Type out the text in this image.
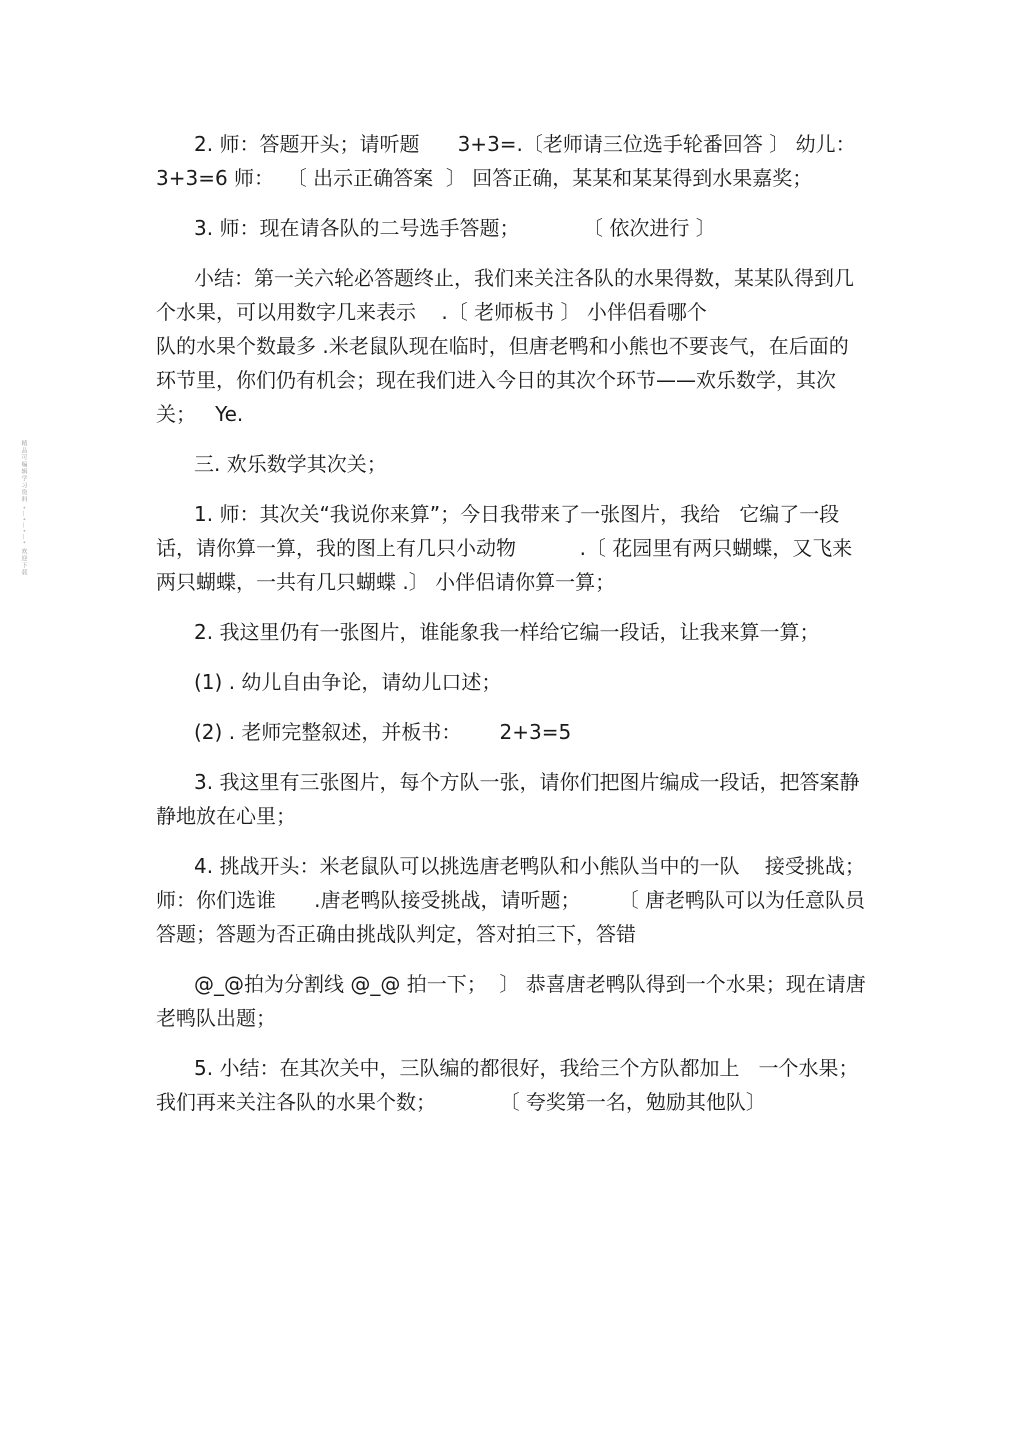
精品可编辑学习资料 •—•—•—• 欢迎下载

2. 师：答题开头；请听题      3+3=.〔老师请三位选手轮番回答 〕 幼儿：  3+3=6 师：  〔 出示正确答案  〕 回答正确，某某和某某得到水果嘉奖；

3. 师：现在请各队的二号选手答题；          〔 依次进行 〕

小结：第一关六轮必答题终止，我们来关注各队的水果得数，某某队得到几个水果，可以用数字几来表示    .〔 老师板书 〕 小伴侣看哪个

队的水果个数最多 .米老鼠队现在临时，但唐老鸭和小熊也不要丧气，在后面的环节里，你们仍有机会；现在我们进入今日的其次个环节——欢乐数学，其次关；   Ye.

三. 欢乐数学其次关；

1. 师：其次关“我说你来算”；今日我带来了一张图片，我给   它编了一段话，请你算一算，我的图上有几只小动物          .〔 花园里有两只蝴蝶，又飞来两只蝴蝶，一共有几只蝴蝶 .〕 小伴侣请你算一算；

2. 我这里仍有一张图片，谁能象我一样给它编一段话，让我来算一算；

(1) . 幼儿自由争论，请幼儿口述；

(2) . 老师完整叙述，并板书：      2+3=5

3. 我这里有三张图片，每个方队一张，请你们把图片编成一段话，把答案静静地放在心里；

4. 挑战开头：米老鼠队可以挑选唐老鸭队和小熊队当中的一队    接受挑战；师：你们选谁      .唐老鸭队接受挑战，请听题；      〔 唐老鸭队可以为任意队员答题；答题为否正确由挑战队判定，答对拍三下，答错

@_@拍为分割线 @_@ 拍一下；  〕 恭喜唐老鸭队得到一个水果；现在请唐老鸭队出题；

5. 小结：在其次关中，三队编的都很好，我给三个方队都加上   一个水果；我们再来关注各队的水果个数；          〔 夸奖第一名，勉励其他队〕
